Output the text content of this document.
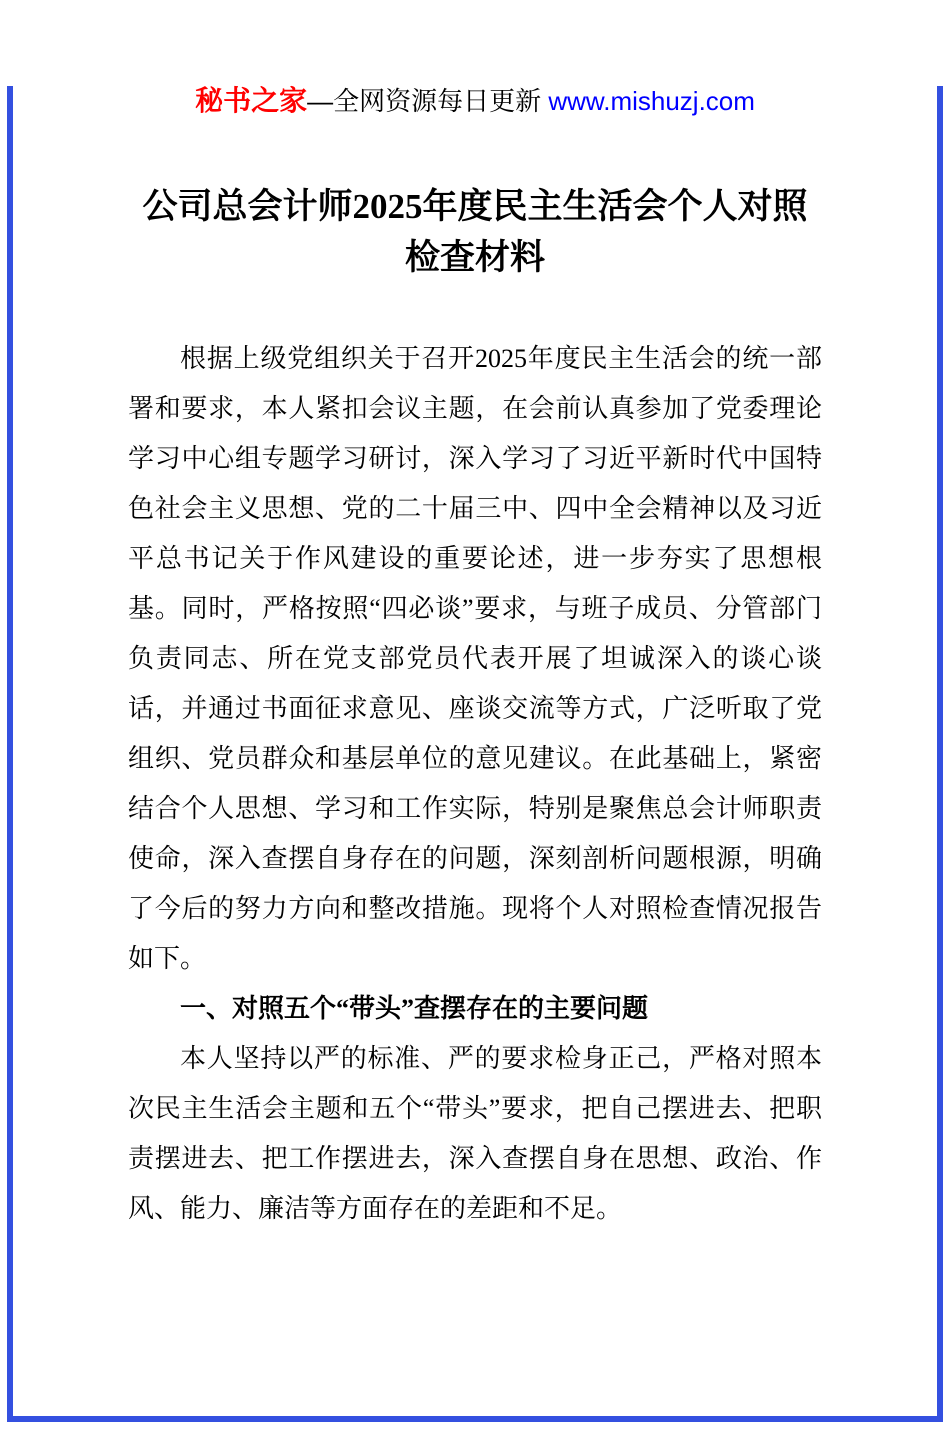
秘书之家—全网资源每日更新 www.mishuzj.com
公司总会计师2025年度民主生活会个人对照
检查材料

根据上级党组织关于召开2025年度民主生活会的统一部署和要求，本人紧扣会议主题，在会前认真参加了党委理论学习中心组专题学习研讨，深入学习了习近平新时代中国特色社会主义思想、党的二十届三中、四中全会精神以及习近平总书记关于作风建设的重要论述，进一步夯实了思想根基。同时，严格按照“四必谈”要求，与班子成员、分管部门负责同志、所在党支部党员代表开展了坦诚深入的谈心谈话，并通过书面征求意见、座谈交流等方式，广泛听取了党组织、党员群众和基层单位的意见建议。在此基础上，紧密结合个人思想、学习和工作实际，特别是聚焦总会计师职责使命，深入查摆自身存在的问题，深刻剖析问题根源，明确了今后的努力方向和整改措施。现将个人对照检查情况报告如下。

一、对照五个“带头”查摆存在的主要问题

本人坚持以严的标准、严的要求检身正己，严格对照本次民主生活会主题和五个“带头”要求，把自己摆进去、把职责摆进去、把工作摆进去，深入查摆自身在思想、政治、作风、能力、廉洁等方面存在的差距和不足。
